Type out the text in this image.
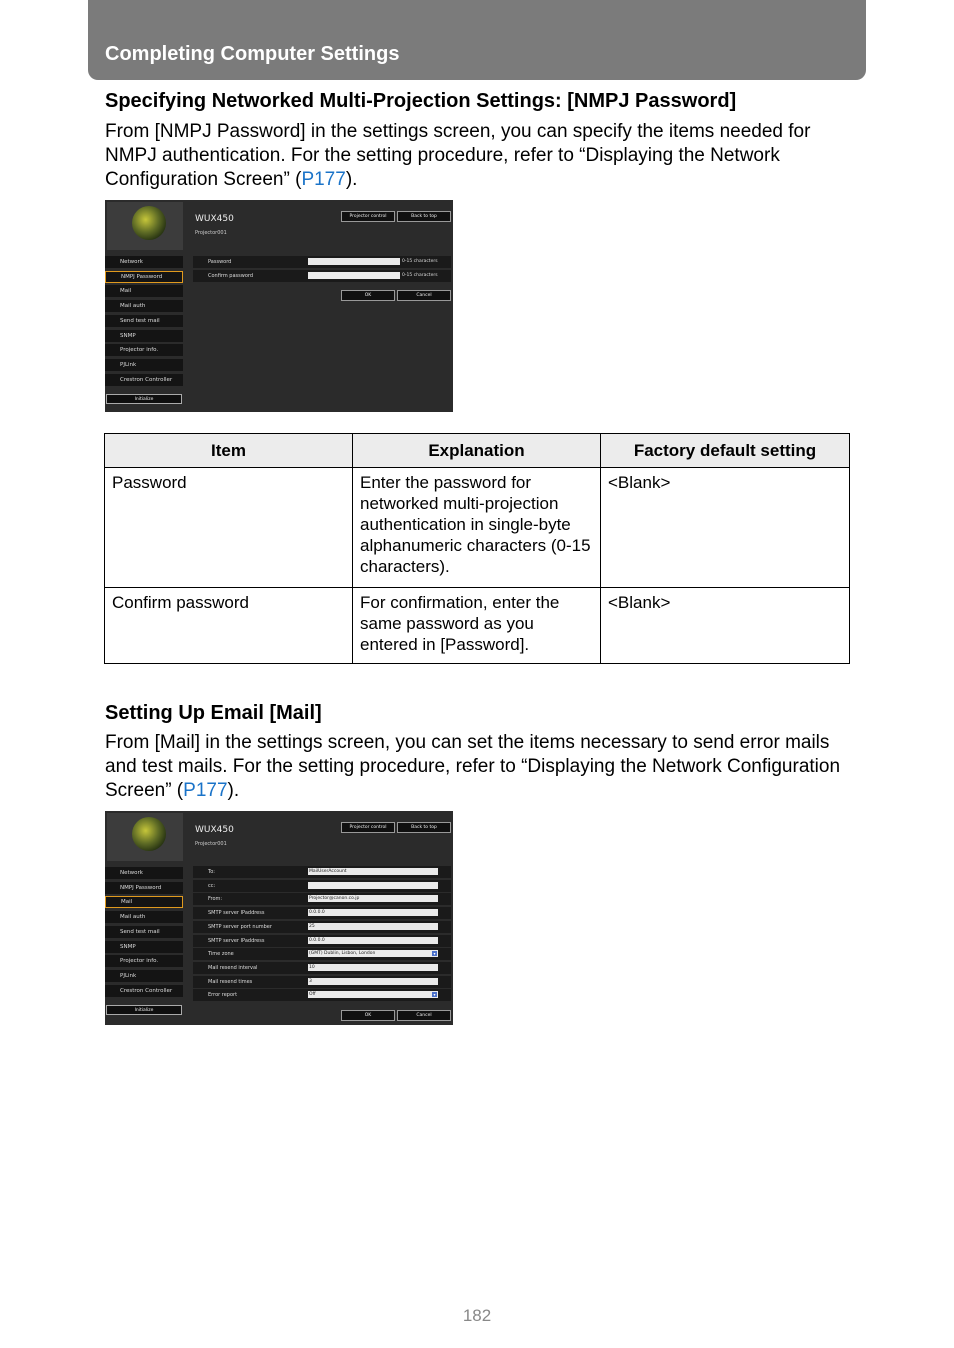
Completing Computer Settings
Specifying Networked Multi-Projection Settings: [NMPJ Password]

From [NMPJ Password] in the settings screen, you can specify the items needed for NMPJ authentication. For the setting procedure, refer to “Displaying the Network Configuration Screen” (P177).

WUX450
Projector001
Projector control	Back to top
Network
NMPJ Password
Mail
Mail auth
Send test mail
SNMP
Projector info.
PJLink
Crestron Controller
Initialize
Password	0-15 characters
Confirm password	0-15 characters
OK	Cancel
Item	Explanation	Factory default setting
Password	Enter the password for networked multi-projection authentication in single-byte alphanumeric characters (0-15 characters).	<Blank>
Confirm password	For confirmation, enter the same password as you entered in [Password].	<Blank>
Setting Up Email [Mail]

From [Mail] in the settings screen, you can set the items necessary to send error mails and test mails. For the setting procedure, refer to “Displaying the Network Configuration Screen” (P177).

WUX450
Projector001
Projector control	Back to top
Network
NMPJ Password
Mail
Mail auth
Send test mail
SNMP
Projector info.
PJLink
Crestron Controller
Initialize
To:	MailUserAccount
cc:
From:	Projector@canon.co.jp
SMTP server IPaddress	0.0.0.0
SMTP server port number	25
SMTP server IPaddress	0.0.0.0
Time zone	(GMT) Dublin, Lisbon, London	▾
Mail resend interval	10
Mail resend times	3
Error report	Off	▾
OK	Cancel
182
